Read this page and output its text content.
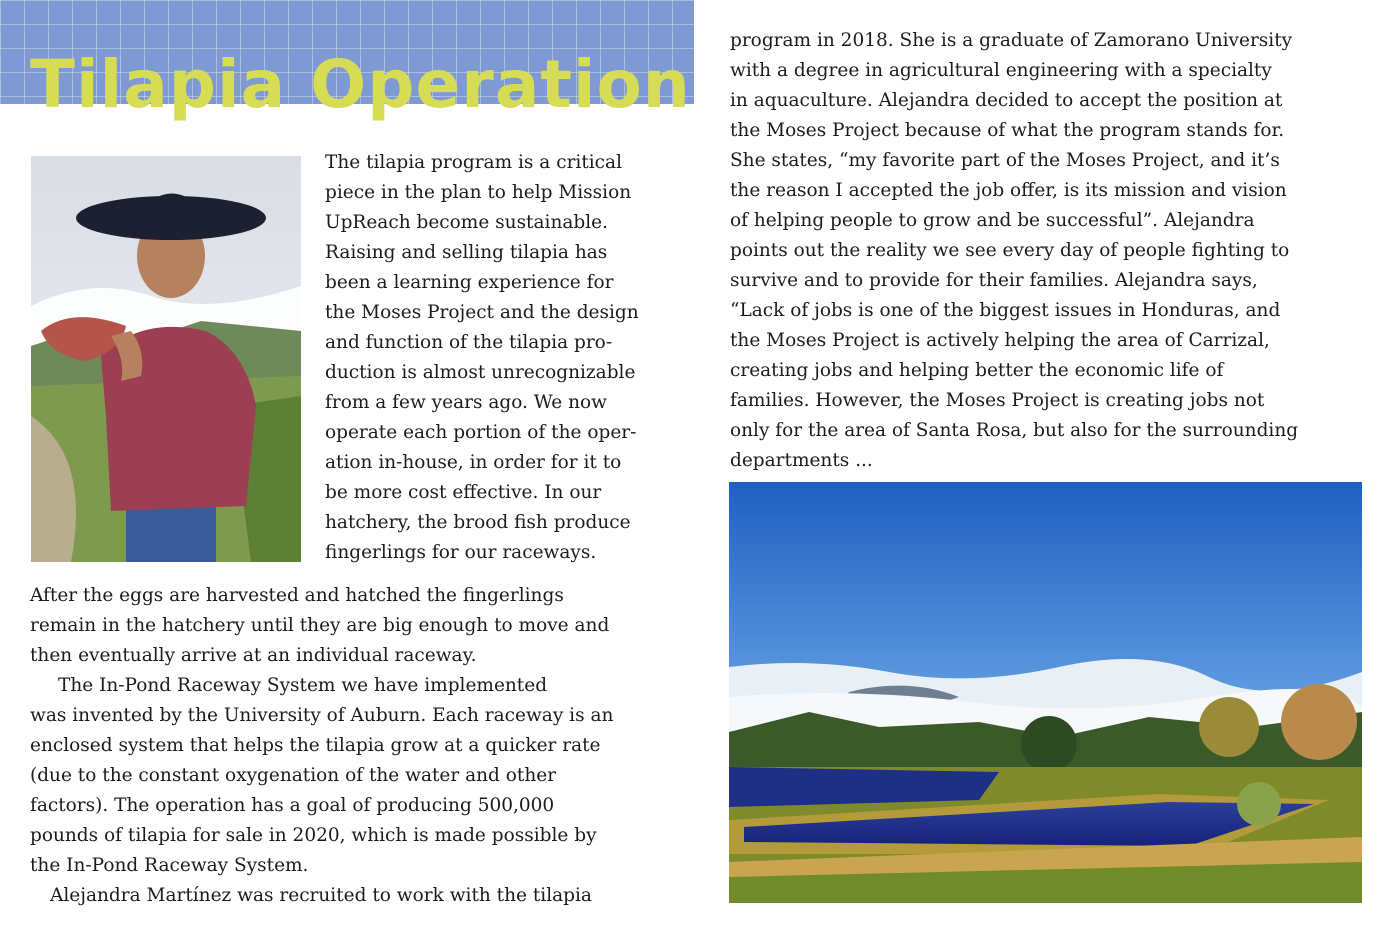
Tilapia Operation

The tilapia program is a critical
piece in the plan to help Mission
UpReach become sustainable.
Raising and selling tilapia has
been a learning experience for
the Moses Project and the design
and function of the tilapia pro-
duction is almost unrecognizable
from a few years ago. We now
operate each portion of the oper-
ation in-house, in order for it to
be more cost effective. In our
hatchery, the brood fish produce
fingerlings for our raceways.

After the eggs are harvested and hatched the fingerlings
remain in the hatchery until they are big enough to move and
then eventually arrive at an individual raceway.

The In-Pond Raceway System we have implemented
was invented by the University of Auburn. Each raceway is an
enclosed system that helps the tilapia grow at a quicker rate
(due to the constant oxygenation of the water and other
factors). The operation has a goal of producing 500,000
pounds of tilapia for sale in 2020, which is made possible by
the In-Pond Raceway System.

Alejandra Martínez was recruited to work with the tilapia

program in 2018. She is a graduate of Zamorano University
with a degree in agricultural engineering with a specialty
in aquaculture. Alejandra decided to accept the position at
the Moses Project because of what the program stands for.
She states, “my favorite part of the Moses Project, and it’s
the reason I accepted the job offer, is its mission and vision
of helping people to grow and be successful”. Alejandra
points out the reality we see every day of people fighting to
survive and to provide for their families. Alejandra says,
“Lack of jobs is one of the biggest issues in Honduras, and
the Moses Project is actively helping the area of Carrizal,
creating jobs and helping better the economic life of
families. However, the Moses Project is creating jobs not
only for the area of Santa Rosa, but also for the surrounding
departments ...
